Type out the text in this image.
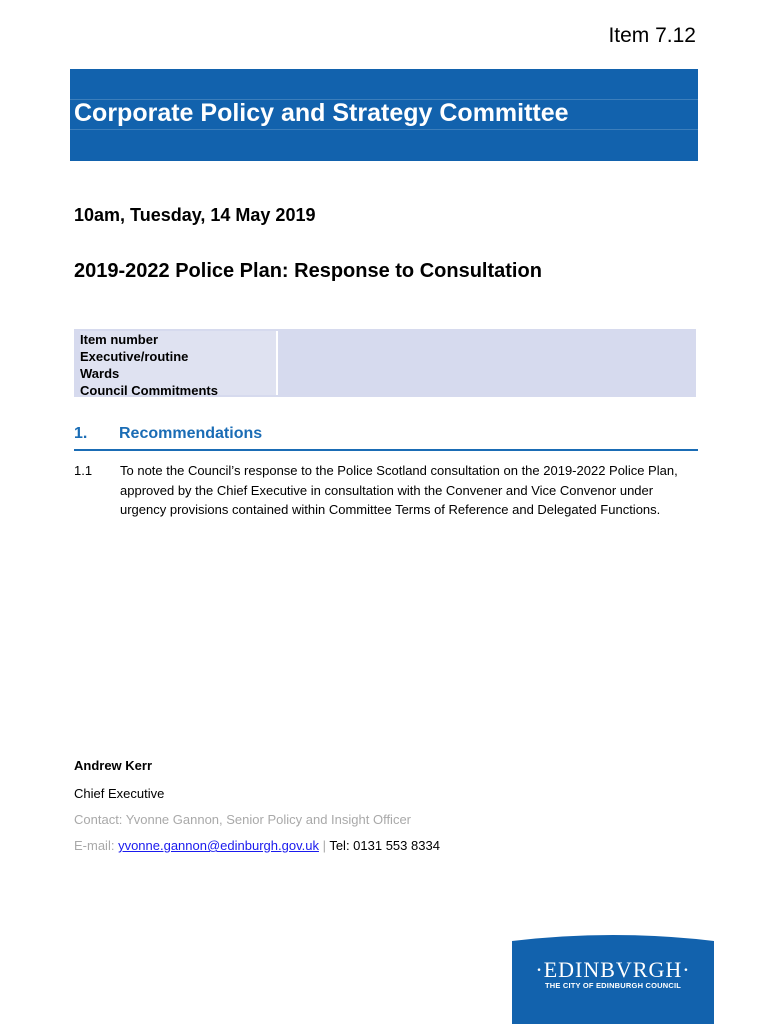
Item 7.12
Corporate Policy and Strategy Committee
10am, Tuesday, 14 May 2019
2019-2022 Police Plan: Response to Consultation
Item number
Executive/routine
Wards
Council Commitments
1. Recommendations
1.1 To note the Council’s response to the Police Scotland consultation on the 2019-2022 Police Plan, approved by the Chief Executive in consultation with the Convener and Vice Convenor under urgency provisions contained within Committee Terms of Reference and Delegated Functions.
Andrew Kerr
Chief Executive
Contact: Yvonne Gannon, Senior Policy and Insight Officer
E-mail: yvonne.gannon@edinburgh.gov.uk | Tel: 0131 553 8334
·EDINBVRGH·
THE CITY OF EDINBURGH COUNCIL
